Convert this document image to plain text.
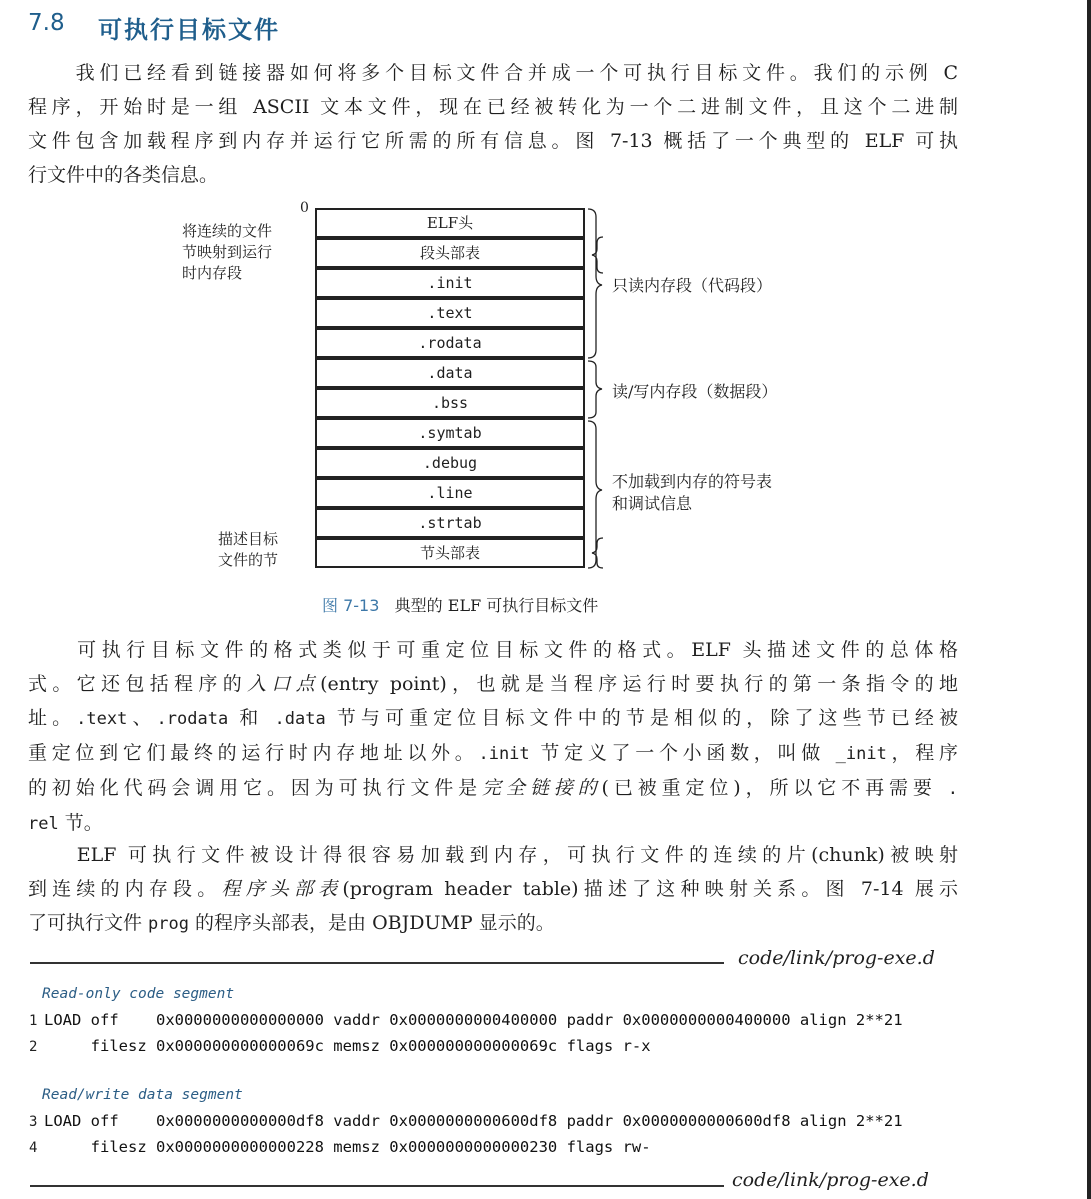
7.8 可执行目标文件
　　我们已经看到链接器如何将多个目标文件合并成一个可执行目标文件。我们的示例 C
程序，开始时是一组 ASCII 文本文件，现在已经被转化为一个二进制文件，且这个二进制
文件包含加载程序到内存并运行它所需的所有信息。图 7-13 概括了一个典型的 ELF 可执
行文件中的各类信息。
0
将连续的文件
节映射到运行
时内存段
描述目标
文件的节
ELF头
段头部表
.init
.text
.rodata
.data
.bss
.symtab
.debug
.line
.strtab
节头部表
只读内存段（代码段）
读/写内存段（数据段）
不加载到内存的符号表
和调试信息
图 7-13 典型的 ELF 可执行目标文件
　　可执行目标文件的格式类似于可重定位目标文件的格式。ELF 头描述文件的总体格
式。它还包括程序的入口点(entry point)，也就是当程序运行时要执行的第一条指令的地
址。.text、.rodata 和 .data 节与可重定位目标文件中的节是相似的，除了这些节已经被
重定位到它们最终的运行时内存地址以外。.init 节定义了一个小函数，叫做 _init，程序
的初始化代码会调用它。因为可执行文件是完全链接的(已被重定位)，所以它不再需要 .
rel 节。
　　ELF 可执行文件被设计得很容易加载到内存，可执行文件的连续的片(chunk)被映射
到连续的内存段。程序头部表(program header table)描述了这种映射关系。图 7-14 展示
了可执行文件 prog 的程序头部表，是由 OBJDUMP 显示的。
code/link/prog-exe.d
Read-only code segment
1 LOAD off    0x0000000000000000 vaddr 0x0000000000400000 paddr 0x0000000000400000 align 2**21
2 filesz 0x000000000000069c memsz 0x000000000000069c flags r-x
Read/write data segment
3 LOAD off    0x0000000000000df8 vaddr 0x0000000000600df8 paddr 0x0000000000600df8 align 2**21
4 filesz 0x0000000000000228 memsz 0x0000000000000230 flags rw-
code/link/prog-exe.d
